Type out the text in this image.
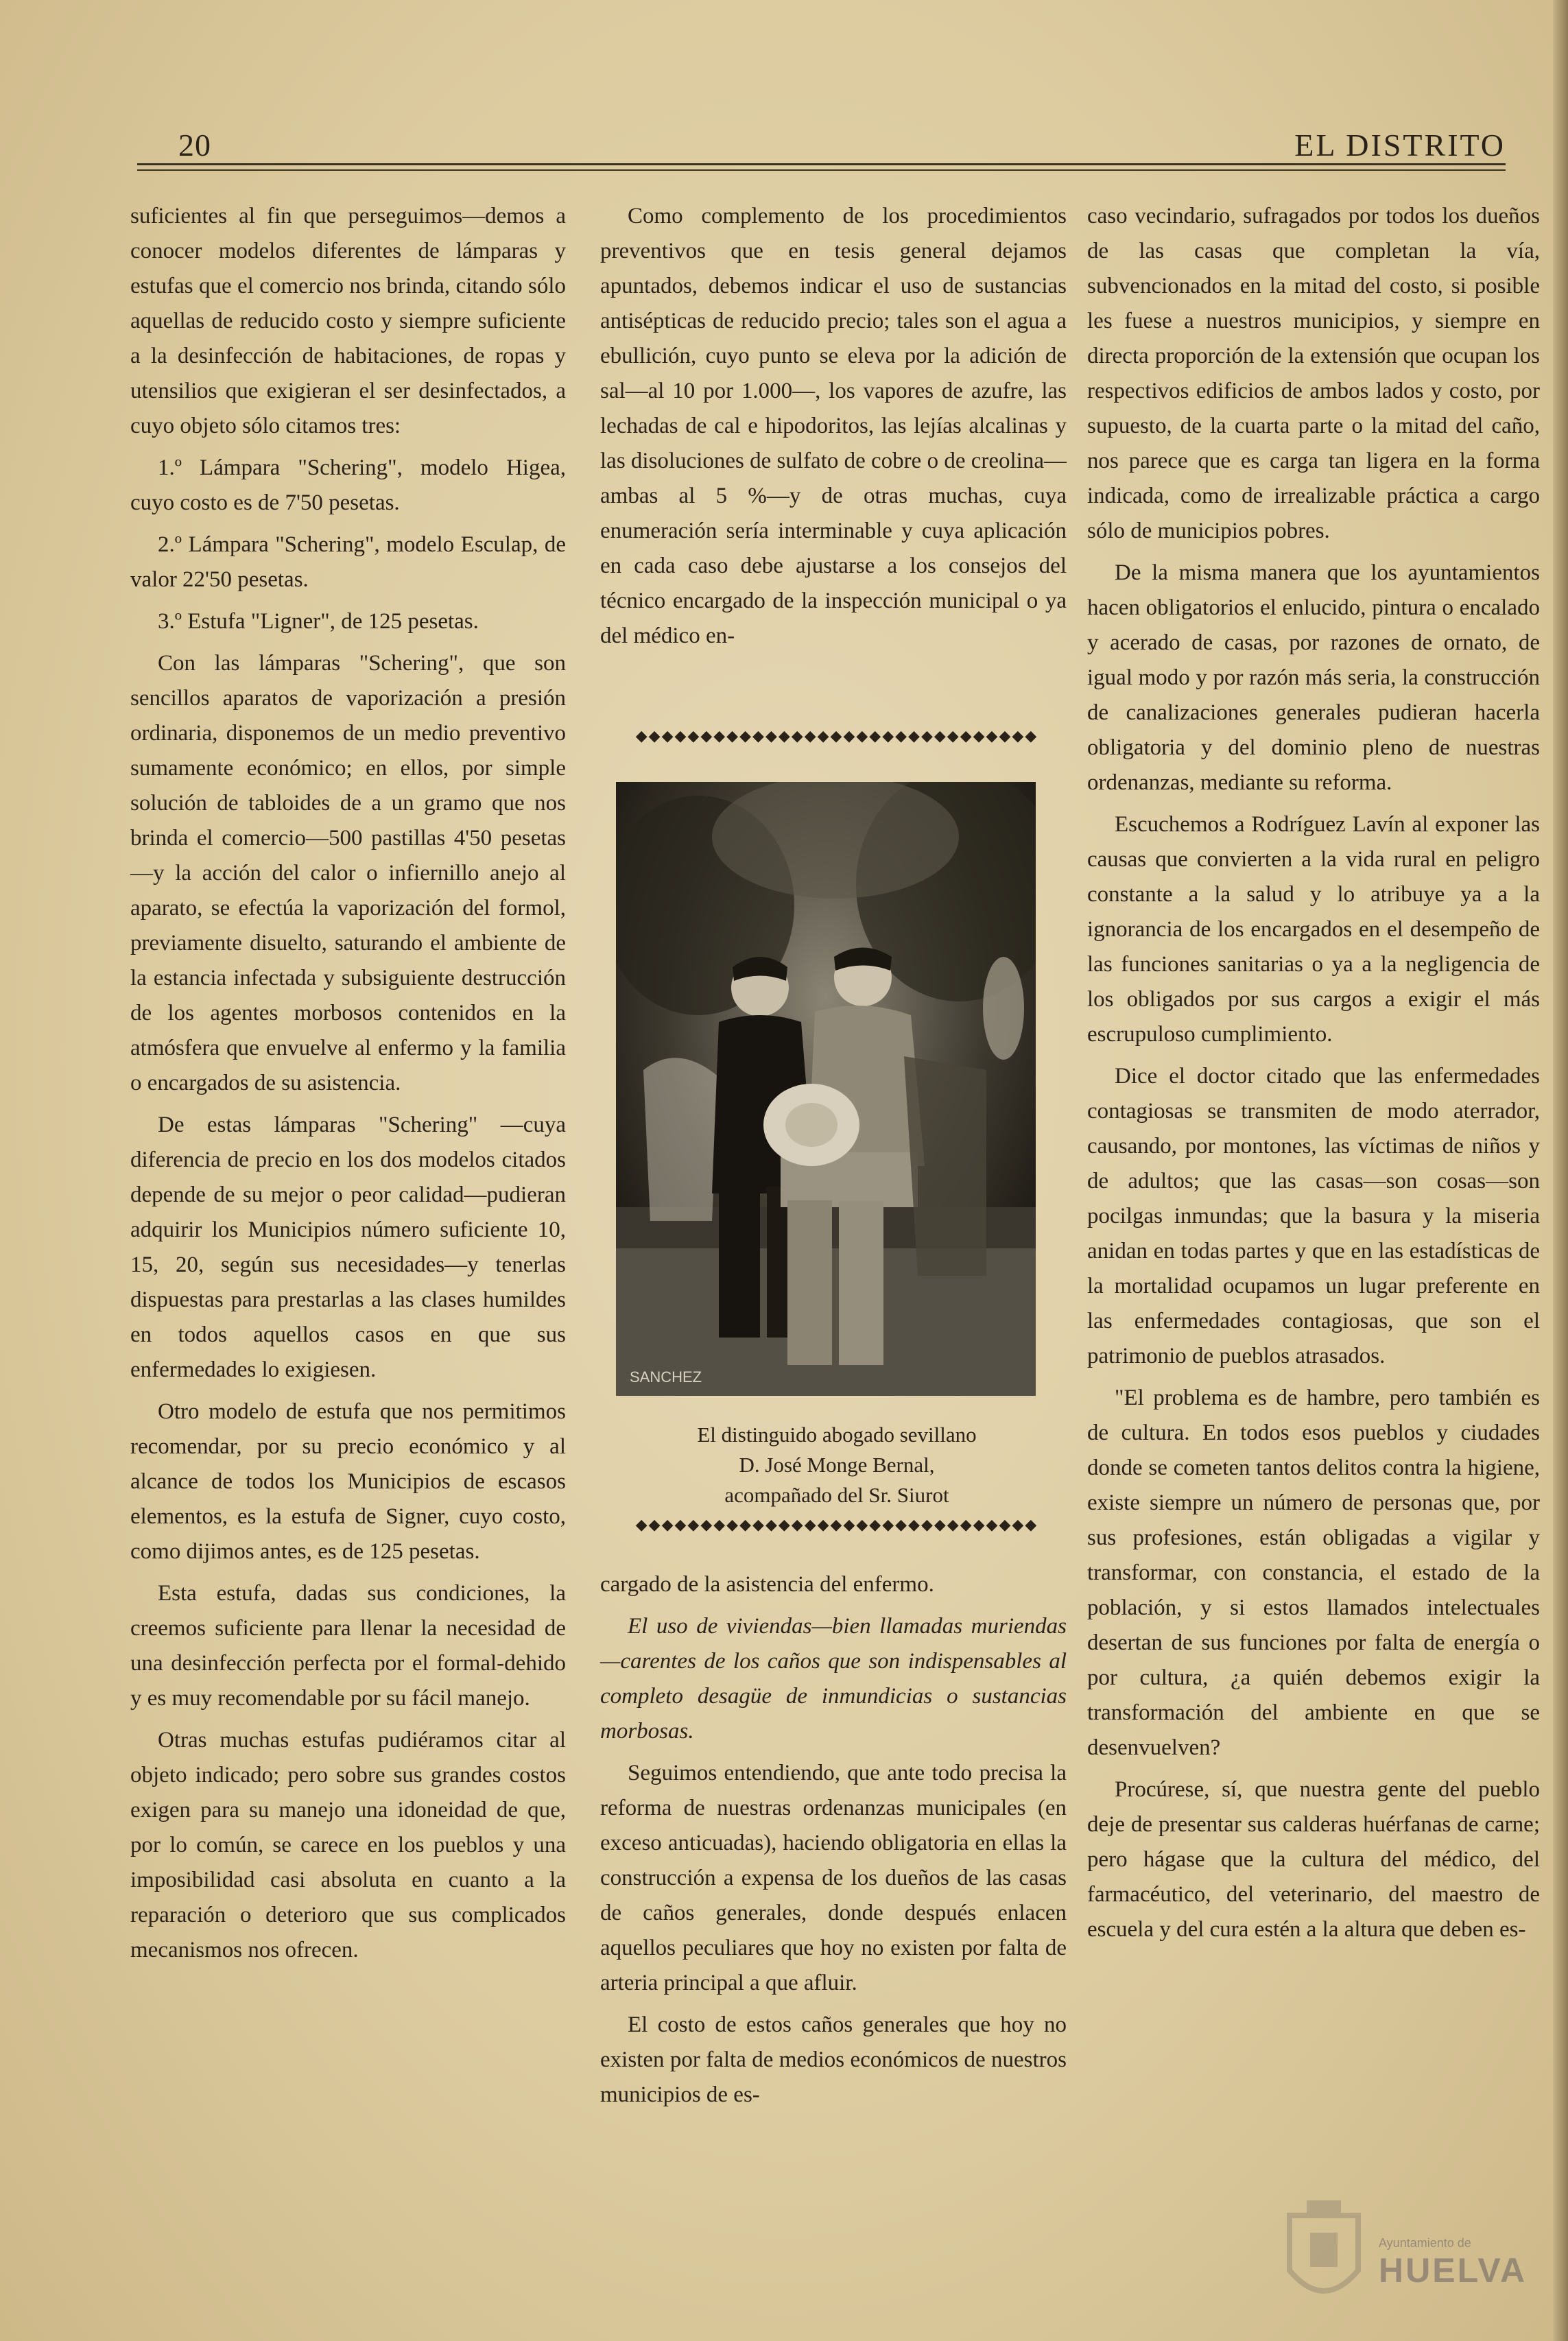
20	EL DISTRITO

suficientes al fin que perseguimos—demos a conocer modelos diferentes de lámparas y estufas que el comercio nos brinda, citando sólo aquellas de reducido costo y siempre suficiente a la desinfección de habitaciones, de ropas y utensilios que exigieran el ser desinfectados, a cuyo objeto sólo citamos tres:

1.º Lámpara "Schering", modelo Higea, cuyo costo es de 7'50 pesetas.

2.º Lámpara "Schering", modelo Esculap, de valor 22'50 pesetas.

3.º Estufa "Ligner", de 125 pesetas.

Con las lámparas "Schering", que son sencillos aparatos de vaporización a presión ordinaria, disponemos de un medio preventivo sumamente económico; en ellos, por simple solución de tabloides de a un gramo que nos brinda el comercio—500 pastillas 4'50 pesetas—y la acción del calor o infiernillo anejo al aparato, se efectúa la vaporización del formol, previamente disuelto, saturando el ambiente de la estancia infectada y subsiguiente destrucción de los agentes morbosos contenidos en la atmósfera que envuelve al enfermo y la familia o encargados de su asistencia.

De estas lámparas "Schering" —cuya diferencia de precio en los dos modelos citados depende de su mejor o peor calidad—pudieran adquirir los Municipios número suficiente 10, 15, 20, según sus necesidades—y tenerlas dispuestas para prestarlas a las clases humildes en todos aquellos casos en que sus enfermedades lo exigiesen.

Otro modelo de estufa que nos permitimos recomendar, por su precio económico y al alcance de todos los Municipios de escasos elementos, es la estufa de Signer, cuyo costo, como dijimos antes, es de 125 pesetas.

Esta estufa, dadas sus condiciones, la creemos suficiente para llenar la necesidad de una desinfección perfecta por el formal-dehido y es muy recomendable por su fácil manejo.

Otras muchas estufas pudiéramos citar al objeto indicado; pero sobre sus grandes costos exigen para su manejo una idoneidad de que, por lo común, se carece en los pueblos y una imposibilidad casi absoluta en cuanto a la reparación o deterioro que sus complicados mecanismos nos ofrecen.

Como complemento de los procedimientos preventivos que en tesis general dejamos apuntados, debemos indicar el uso de sustancias antisépticas de reducido precio; tales son el agua a ebullición, cuyo punto se eleva por la adición de sal—al 10 por 1.000—, los vapores de azufre, las lechadas de cal e hipodoritos, las lejías alcalinas y las disoluciones de sulfato de cobre o de creolina—ambas al 5 %—y de otras muchas, cuya enumeración sería interminable y cuya aplicación en cada caso debe ajustarse a los consejos del técnico encargado de la inspección municipal o ya del médico en-

◆◆◆◆◆◆◆◆◆◆◆◆◆◆◆◆◆◆◆◆◆◆◆◆◆◆◆◆◆◆◆
SANCHEZ
El distinguido abogado sevillano
D. José Monge Bernal,
acompañado del Sr. Siurot
◆◆◆◆◆◆◆◆◆◆◆◆◆◆◆◆◆◆◆◆◆◆◆◆◆◆◆◆◆◆◆

cargado de la asistencia del enfermo.

El uso de viviendas—bien llamadas muriendas—carentes de los caños que son indispensables al completo desagüe de inmundicias o sustancias morbosas.

Seguimos entendiendo, que ante todo precisa la reforma de nuestras ordenanzas municipales (en exceso anticuadas), haciendo obligatoria en ellas la construcción a expensa de los dueños de las casas de caños generales, donde después enlacen aquellos peculiares que hoy no existen por falta de arteria principal a que afluir.

El costo de estos caños generales que hoy no existen por falta de medios económicos de nuestros municipios de es-

caso vecindario, sufragados por todos los dueños de las casas que completan la vía, subvencionados en la mitad del costo, si posible les fuese a nuestros municipios, y siempre en directa proporción de la extensión que ocupan los respectivos edificios de ambos lados y costo, por supuesto, de la cuarta parte o la mitad del caño, nos parece que es carga tan ligera en la forma indicada, como de irrealizable práctica a cargo sólo de municipios pobres.

De la misma manera que los ayuntamientos hacen obligatorios el enlucido, pintura o encalado y acerado de casas, por razones de ornato, de igual modo y por razón más seria, la construcción de canalizaciones generales pudieran hacerla obligatoria y del dominio pleno de nuestras ordenanzas, mediante su reforma.

Escuchemos a Rodríguez Lavín al exponer las causas que convierten a la vida rural en peligro constante a la salud y lo atribuye ya a la ignorancia de los encargados en el desempeño de las funciones sanitarias o ya a la negligencia de los obligados por sus cargos a exigir el más escrupuloso cumplimiento.

Dice el doctor citado que las enfermedades contagiosas se transmiten de modo aterrador, causando, por montones, las víctimas de niños y de adultos; que las casas—son cosas—son pocilgas inmundas; que la basura y la miseria anidan en todas partes y que en las estadísticas de la mortalidad ocupamos un lugar preferente en las enfermedades contagiosas, que son el patrimonio de pueblos atrasados.

"El problema es de hambre, pero también es de cultura. En todos esos pueblos y ciudades donde se cometen tantos delitos contra la higiene, existe siempre un número de personas que, por sus profesiones, están obligadas a vigilar y transformar, con constancia, el estado de la población, y si estos llamados intelectuales desertan de sus funciones por falta de energía o por cultura, ¿a quién debemos exigir la transformación del ambiente en que se desenvuelven?

Procúrese, sí, que nuestra gente del pueblo deje de presentar sus calderas huérfanas de carne; pero hágase que la cultura del médico, del farmacéutico, del veterinario, del maestro de escuela y del cura estén a la altura que deben es-

Ayuntamiento de
HUELVA
